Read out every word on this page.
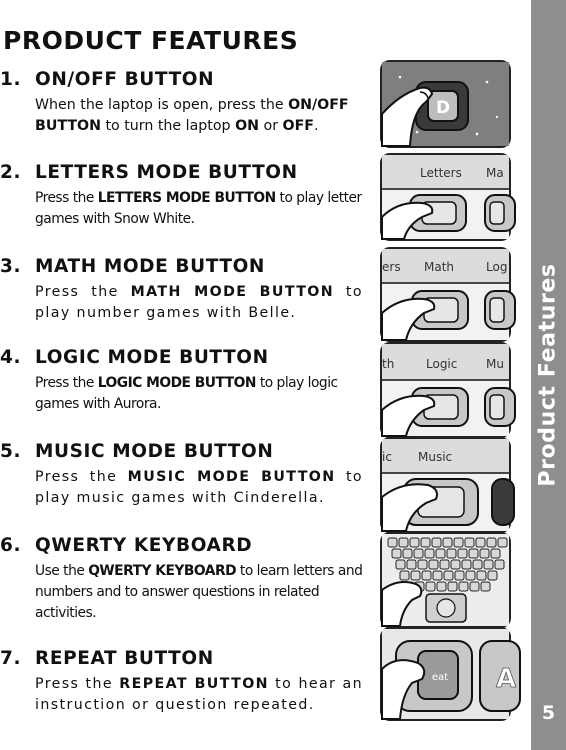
PRODUCT FEATURES
1. ON/OFF BUTTON
When the laptop is open, press the ON/OFF BUTTON to turn the laptop ON or OFF.
D
2. LETTERS MODE BUTTON
Press the LETTERS MODE BUTTON to play letter games with Snow White.
Letters Ma
3. MATH MODE BUTTON
Press the MATH MODE BUTTON to play number games with Belle.
ers Math	Log
4. LOGIC MODE BUTTON
Press the LOGIC MODE BUTTON to play logic games with Aurora.
th	Logic Mu
5. MUSIC MODE BUTTON
Press the MUSIC MODE BUTTON to play music games with Cinderella.
ic Music
6. QWERTY KEYBOARD
Use the QWERTY KEYBOARD to learn letters and numbers and to answer questions in related activities.
7. REPEAT BUTTON
Press the REPEAT BUTTON to hear an instruction or question repeated.
eat A
Product Features
5
